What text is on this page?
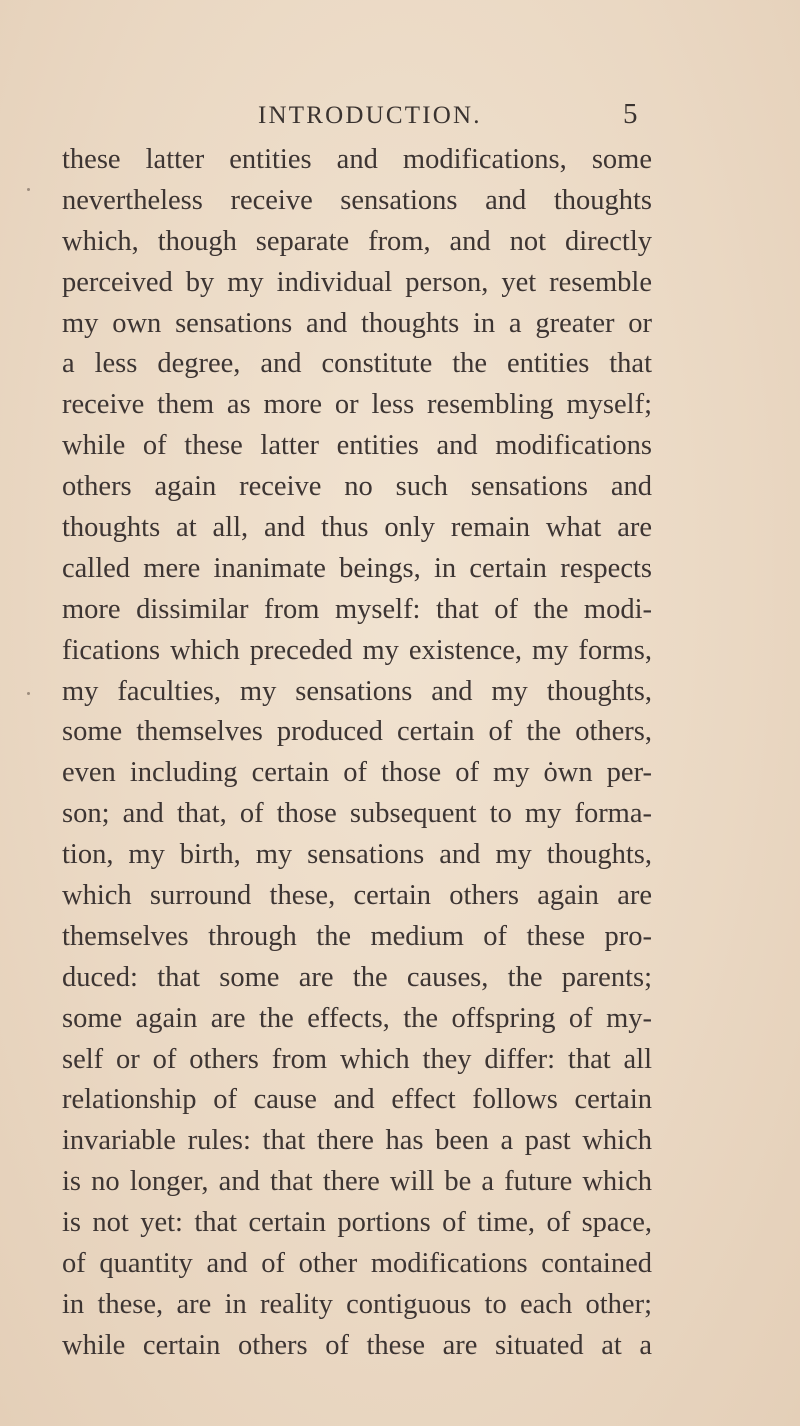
INTRODUCTION.	5
these latter entities and modifications, some
nevertheless receive sensations and thoughts
which, though separate from, and not directly
perceived by my individual person, yet resemble
my own sensations and thoughts in a greater or
a less degree, and constitute the entities that
receive them as more or less resembling myself;
while of these latter entities and modifications
others again receive no such sensations and
thoughts at all, and thus only remain what are
called mere inanimate beings, in certain respects
more dissimilar from myself: that of the modi-
fications which preceded my existence, my forms,
my faculties, my sensations and my thoughts,
some themselves produced certain of the others,
even including certain of those of my ȯwn per-
son; and that, of those subsequent to my forma-
tion, my birth, my sensations and my thoughts,
which surround these, certain others again are
themselves through the medium of these pro-
duced: that some are the causes, the parents;
some again are the effects, the offspring of my-
self or of others from which they differ: that all
relationship of cause and effect follows certain
invariable rules: that there has been a past which
is no longer, and that there will be a future which
is not yet: that certain portions of time, of space,
of quantity and of other modifications contained
in these, are in reality contiguous to each other;
while certain others of these are situated at a
